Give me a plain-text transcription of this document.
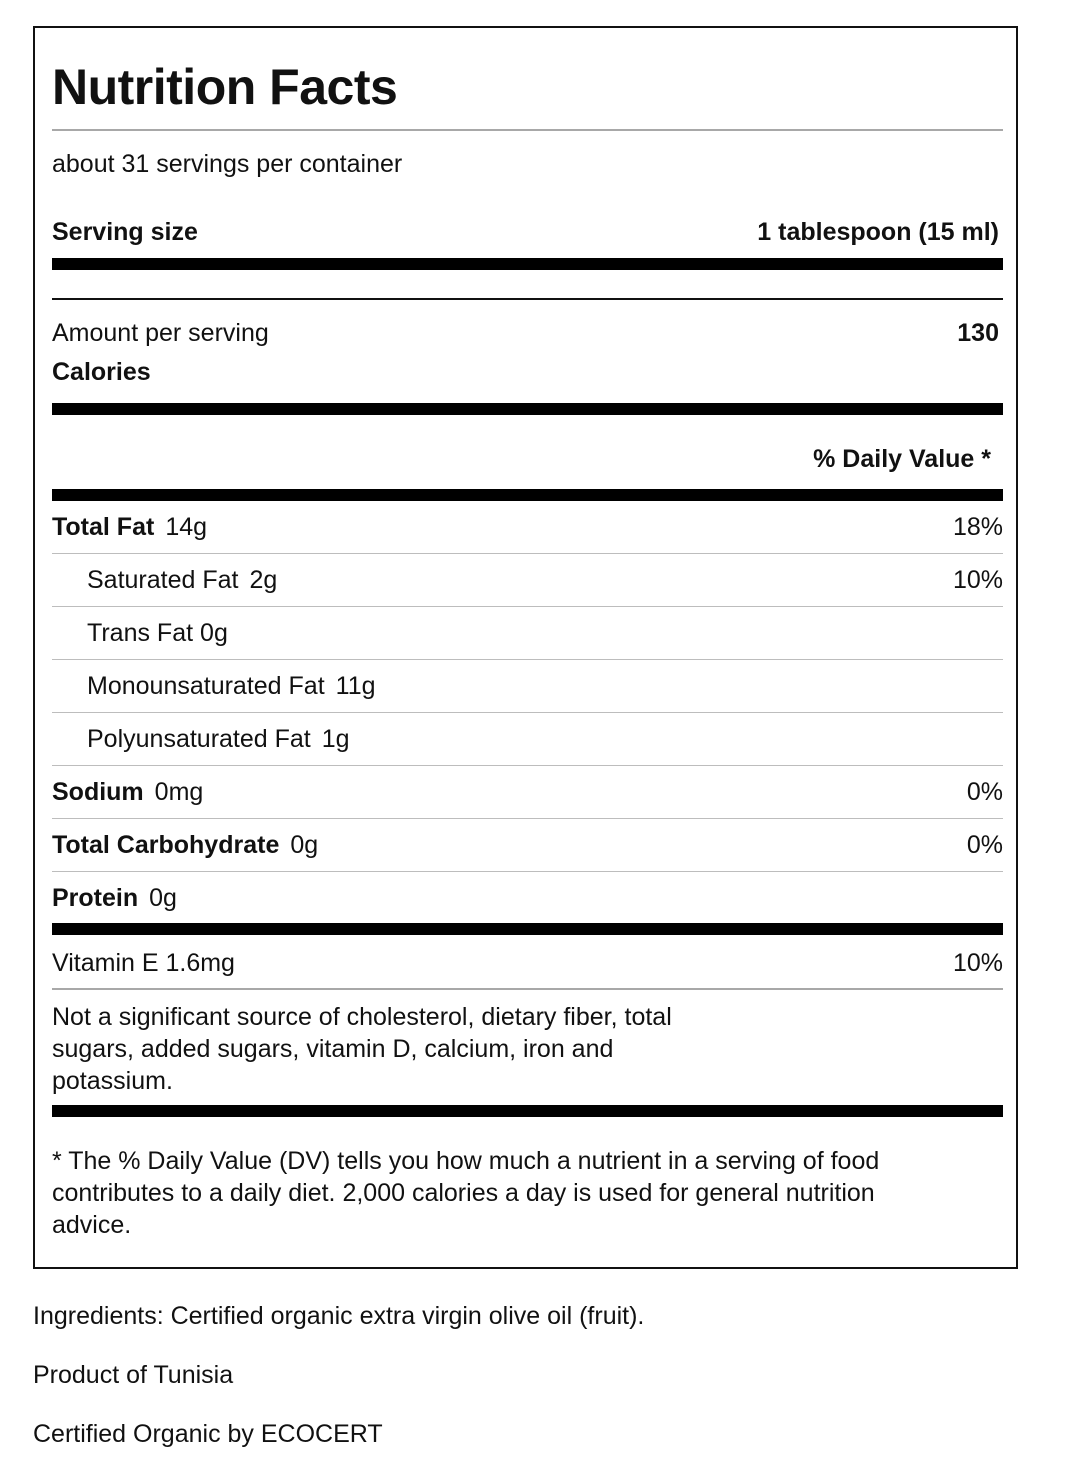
Nutrition Facts
about 31 servings per container
Serving size	1 tablespoon (15 ml)
Amount per serving	130
Calories
% Daily Value *
Total Fat 14g	18%
Saturated Fat 2g	10%
Trans Fat 0g
Monounsaturated Fat 11g
Polyunsaturated Fat 1g
Sodium 0mg	0%
Total Carbohydrate 0g	0%
Protein 0g
Vitamin E 1.6mg	10%
Not a significant source of cholesterol, dietary fiber, total
sugars, added sugars, vitamin D, calcium, iron and
potassium.
* The % Daily Value (DV) tells you how much a nutrient in a serving of food
contributes to a daily diet. 2,000 calories a day is used for general nutrition
advice.
Ingredients: Certified organic extra virgin olive oil (fruit).
Product of Tunisia
Certified Organic by ECOCERT
